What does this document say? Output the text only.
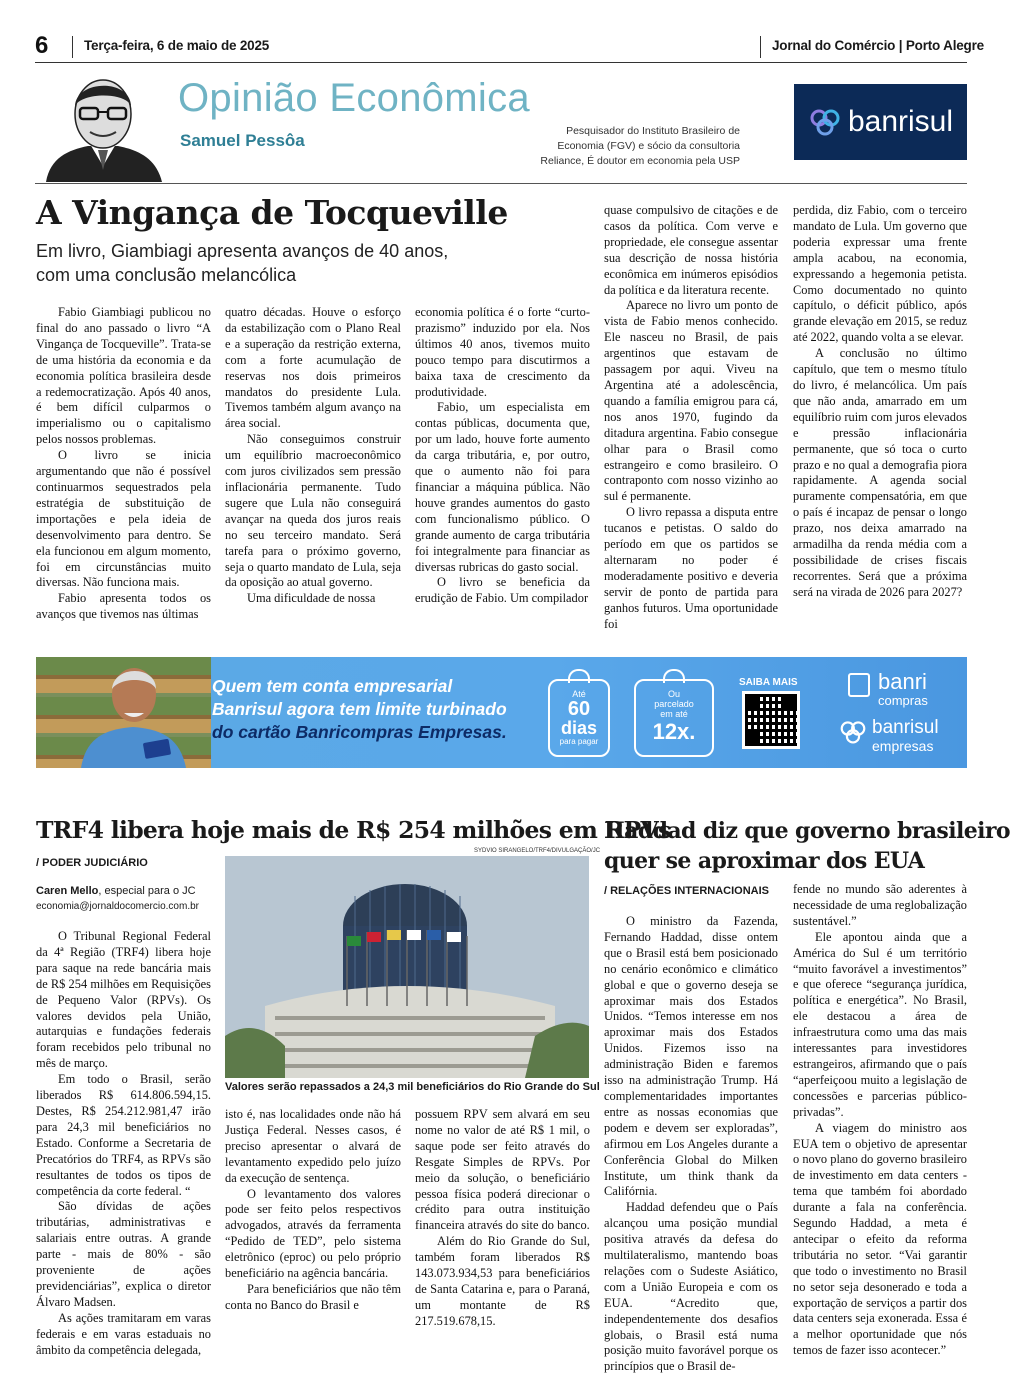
6	Terça-feira, 6 de maio de 2025	Jornal do Comércio | Porto Alegre
Opinião Econômica
Samuel Pessôa	Pesquisador do Instituto Brasileiro de
Economia (FGV) e sócio da consultoria
Reliance, É doutor em economia pela USP
banrisul
A Vingança de Tocqueville
Em livro, Giambiagi apresenta avanços de 40 anos,
com uma conclusão melancólica

Fabio Giambiagi publicou no final do ano passado o livro “A Vingança de Tocqueville”. Trata-se de uma história da economia e da economia política brasileira desde a redemocratização. Após 40 anos, é bem difícil culparmos o imperialismo ou o capitalismo pelos nossos problemas.

O livro se inicia argumentando que não é possível continuarmos sequestrados pela estratégia de substituição de importações e pela ideia de desenvolvimento para dentro. Se ela funcionou em algum momento, foi em circunstâncias muito diversas. Não funciona mais.

Fabio apresenta todos os avanços que tivemos nas últimas

quatro décadas. Houve o esforço da estabilização com o Plano Real e a superação da restrição externa, com a forte acumulação de reservas nos dois primeiros mandatos do presidente Lula. Tivemos também algum avanço na área social.

Não conseguimos construir um equilíbrio macroeconômico com juros civilizados sem pressão inflacionária permanente. Tudo sugere que Lula não conseguirá avançar na queda dos juros reais no seu terceiro mandato. Será tarefa para o próximo governo, seja o quarto mandato de Lula, seja da oposição ao atual governo.

Uma dificuldade de nossa

economia política é o forte “curto-prazismo” induzido por ela. Nos últimos 40 anos, tivemos muito pouco tempo para discutirmos a baixa taxa de crescimento da produtividade.

Fabio, um especialista em contas públicas, documenta que, por um lado, houve forte aumento da carga tributária, e, por outro, que o aumento não foi para financiar a máquina pública. Não houve grandes aumentos do gasto com funcionalismo público. O grande aumento de carga tributária foi integralmente para financiar as diversas rubricas do gasto social.

O livro se beneficia da erudição de Fabio. Um compilador

quase compulsivo de citações e de casos da política. Com verve e propriedade, ele consegue assentar sua descrição de nossa história econômica em inúmeros episódios da política e da literatura recente.

Aparece no livro um ponto de vista de Fabio menos conhecido. Ele nasceu no Brasil, de pais argentinos que estavam de passagem por aqui. Viveu na Argentina até a adolescência, quando a família emigrou para cá, nos anos 1970, fugindo da ditadura argentina. Fabio consegue olhar para o Brasil como estrangeiro e como brasileiro. O contraponto com nosso vizinho ao sul é permanente.

O livro repassa a disputa entre tucanos e petistas. O saldo do período em que os partidos se alternaram no poder é moderadamente positivo e deveria servir de ponto de partida para ganhos futuros. Uma oportunidade foi

perdida, diz Fabio, com o terceiro mandato de Lula. Um governo que poderia expressar uma frente ampla acabou, na economia, expressando a hegemonia petista. Como documentado no quinto capítulo, o déficit público, após grande elevação em 2015, se reduz até 2022, quando volta a se elevar.

A conclusão no último capítulo, que tem o mesmo título do livro, é melancólica. Um país que não anda, amarrado em um equilíbrio ruim com juros elevados e pressão inflacionária permanente, que só toca o curto prazo e no qual a demografia piora rapidamente. A agenda social puramente compensatória, em que o país é incapaz de pensar o longo prazo, nos deixa amarrado na armadilha da renda média com a possibilidade de crises fiscais recorrentes. Será que a próxima será na virada de 2026 para 2027?

Quem tem conta empresarial
Banrisul agora tem limite turbinado
do cartão Banricompras Empresas.
Até
60
dias
para pagar
Ou
parcelado
em até
12x.
SAIBA MAIS	banri
compras
banrisul
empresas
TRF4 libera hoje mais de R$ 254 milhões em RPVs
/ PODER JUDICIÁRIO
Caren Mello, especial para o JC
economia@jornaldocomercio.com.br
SYDVIO SIRANGELO/TRF4/DIVULGAÇÃO/JC
Valores serão repassados a 24,3 mil beneficiários do Rio Grande do Sul

O Tribunal Regional Federal da 4ª Região (TRF4) libera hoje para saque na rede bancária mais de R$ 254 milhões em Requisições de Pequeno Valor (RPVs). Os valores devidos pela União, autarquias e fundações federais foram recebidos pelo tribunal no mês de março.

Em todo o Brasil, serão liberados R$ 614.806.594,15. Destes, R$ 254.212.981,47 irão para 24,3 mil beneficiários no Estado. Conforme a Secretaria de Precatórios do TRF4, as RPVs são resultantes de todos os tipos de competência da corte federal. “

São dívidas de ações tributárias, administrativas e salariais entre outras. A grande parte - mais de 80% - são proveniente de ações previdenciárias”, explica o diretor Álvaro Madsen.

As ações tramitaram em varas federais e em varas estaduais no âmbito da competência delegada,

isto é, nas localidades onde não há Justiça Federal. Nesses casos, é preciso apresentar o alvará de levantamento expedido pelo juízo da execução de sentença.

O levantamento dos valores pode ser feito pelos respectivos advogados, através da ferramenta “Pedido de TED”, pelo sistema eletrônico (eproc) ou pelo próprio beneficiário na agência bancária.

Para beneficiários que não têm conta no Banco do Brasil e

possuem RPV sem alvará em seu nome no valor de até R$ 1 mil, o saque pode ser feito através do Resgate Simples de RPVs. Por meio da solução, o beneficiário pessoa física poderá direcionar o crédito para outra instituição financeira através do site do banco.

Além do Rio Grande do Sul, também foram liberados R$ 143.073.934,53 para beneficiários de Santa Catarina e, para o Paraná, um montante de R$ 217.519.678,15.

Haddad diz que governo brasileiro
quer se aproximar dos EUA
/ RELAÇÕES INTERNACIONAIS

O ministro da Fazenda, Fernando Haddad, disse ontem que o Brasil está bem posicionado no cenário econômico e climático global e que o governo deseja se aproximar mais dos Estados Unidos. “Temos interesse em nos aproximar mais dos Estados Unidos. Fizemos isso na administração Biden e faremos isso na administração Trump. Há complementaridades importantes entre as nossas economias que podem e devem ser exploradas”, afirmou em Los Angeles durante a Conferência Global do Milken Institute, um think thank da Califórnia.

Haddad defendeu que o País alcançou uma posição mundial positiva através da defesa do multilateralismo, mantendo boas relações com o Sudeste Asiático, com a União Europeia e com os EUA. “Acredito que, independentemente dos desafios globais, o Brasil está numa posição muito favorável porque os princípios que o Brasil de-

fende no mundo são aderentes à necessidade de uma reglobalização sustentável.”

Ele apontou ainda que a América do Sul é um território “muito favorável a investimentos” e que oferece “segurança jurídica, política e energética”. No Brasil, ele destacou a área de infraestrutura como uma das mais interessantes para investidores estrangeiros, afirmando que o país “aperfeiçoou muito a legislação de concessões e parcerias público-privadas”.

A viagem do ministro aos EUA tem o objetivo de apresentar o novo plano do governo brasileiro de investimento em data centers -tema que também foi abordado durante a fala na conferência. Segundo Haddad, a meta é antecipar o efeito da reforma tributária no setor. “Vai garantir que todo o investimento no Brasil no setor seja desonerado e toda a exportação de serviços a partir dos data centers seja exonerada. Essa é a melhor oportunidade que nós temos de fazer isso acontecer.”
